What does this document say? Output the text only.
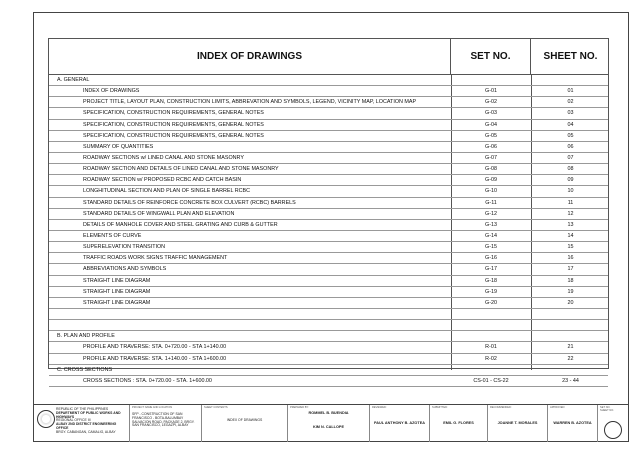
INDEX OF DRAWINGS	SET NO.	SHEET NO.
A. GENERAL
INDEX OF DRAWINGS	G-01	01
PROJECT TITLE, LAYOUT PLAN, CONSTRUCTION LIMITS, ABBREVATION AND SYMBOLS, LEGEND, VICINITY MAP, LOCATION MAP	G-02	02
SPECIFICATION, CONSTRUCTION REQUIREMENTS, GENERAL NOTES	G-03	03
SPECIFICATION, CONSTRUCTION REQUIREMENTS, GENERAL NOTES	G-04	04
SPECIFICATION, CONSTRUCTION REQUIREMENTS, GENERAL NOTES	G-05	05
SUMMARY OF QUANTITIES	G-06	06
ROADWAY SECTIONS w/ LINED CANAL AND STONE MASONRY	G-07	07
ROADWAY SECTION AND DETAILS OF LINED CANAL AND STONE MASONRY	G-08	08
ROADWAY SECTION w/ PROPOSED RCBC AND CATCH BASIN	G-09	09
LONGHITUDINAL SECTION AND PLAN OF SINGLE BARREL RCBC	G-10	10
STANDARD DETAILS OF REINFORCE CONCRETE BOX CULVERT (RCBC) BARRELS	G-11	11
STANDARD DETAILS OF WINGWALL PLAN AND ELEVATION	G-12	12
DETAILS OF MANHOLE COVER AND STEEL GRATING AND CURB & GUTTER	G-13	13
ELEMENTS OF CURVE	G-14	14
SUPERELEVATION TRANSITION	G-15	15
TRAFFIC ROADS WORK SIGNS TRAFFIC MANAGEMENT	G-16	16
ABBREVIATIONS AND SYMBOLS	G-17	17
STRAIGHT LINE DIAGRAM	G-18	18
STRAIGHT LINE DIAGRAM	G-19	19
STRAIGHT LINE DIAGRAM	G-20	20
B. PLAN AND PROFILE
PROFILE AND TRAVERSE: STA. 0+720.00 - STA 1+140.00	R-01	21
PROFILE AND TRAVERSE: STA. 1+140.00 - STA 1+600.00	R-02	22
C. CROSS SECTIONS
CROSS SECTIONS : STA. 0+720.00 - STA. 1+600.00	CS-01 - CS-22	23 - 44
REPUBLIC OF THE PHILIPPINES
DEPARTMENT OF PUBLIC WORKS AND HIGHWAYS
REGIONAL OFFICE III
ALBAY 2ND DISTRICT ENGINEERING OFFICE
BRGY. CABANGAN, CAMALIG, ALBAY
PROJECT NAME AND LOCATION
SFP - CONSTRUCTION OF SAN FRANCISCO - BOTA-BALUMBAY SALVACION ROAD, PACKAGE 2, BRGY. SAN FRANCISCO, LEGAZPI, ALBAY
SHEET CONTENTS
INDEX OF DRAWINGS
PREPARED BY:
ROMMEL B. BUENDIA
KIM N. CALLOPE
REVIEWED:
PAUL ANTHONY B. AZOTEA
SUBMITTED:
EMIL G. FLORES
RECOMMENDED:
JOANNE T. MORALES
APPROVED:
WARREN B. AZOTEA
SET NO.
SHEET NO.
